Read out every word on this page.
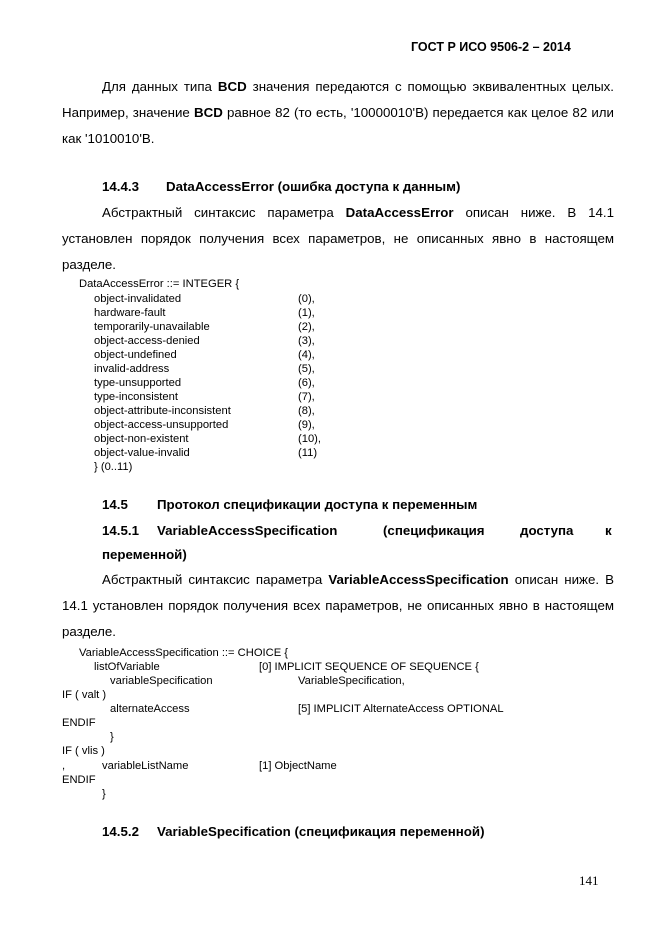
ГОСТ Р ИСО 9506-2 – 2014

Для данных типа BCD значения передаются с помощью эквивалентных целых. Например, значение BCD равное 82 (то есть, '10000010'B) передается как целое 82 или как '1010010'B.

14.4.3 DataAccessError (ошибка доступа к данным)

Абстрактный синтаксис параметра DataAccessError описан ниже. В 14.1 установлен порядок получения всех параметров, не описанных явно в настоящем разделе.

DataAccessError ::= INTEGER {
object-invalidated	(0),
hardware-fault	(1),
temporarily-unavailable	(2),
object-access-denied	(3),
object-undefined	(4),
invalid-address	(5),
type-unsupported	(6),
type-inconsistent	(7),
object-attribute-inconsistent	(8),
object-access-unsupported	(9),
object-non-existent	(10),
object-value-invalid	(11)
} (0..11)
14.5 Протокол спецификации доступа к переменным
14.5.1 VariableAccessSpecification	(спецификация	доступа к
переменной)

Абстрактный синтаксис параметра VariableAccessSpecification описан ниже. В 14.1 установлен порядок получения всех параметров, не описанных явно в настоящем разделе.

VariableAccessSpecification ::= CHOICE {
listOfVariable	[0] IMPLICIT SEQUENCE OF SEQUENCE {
variableSpecification	VariableSpecification,
IF ( valt )
alternateAccess	[5] IMPLICIT AlternateAccess OPTIONAL
ENDIF
}
IF ( vlis )
,	variableListName	[1] ObjectName
ENDIF
}
14.5.2 VariableSpecification (спецификация переменной)
141
